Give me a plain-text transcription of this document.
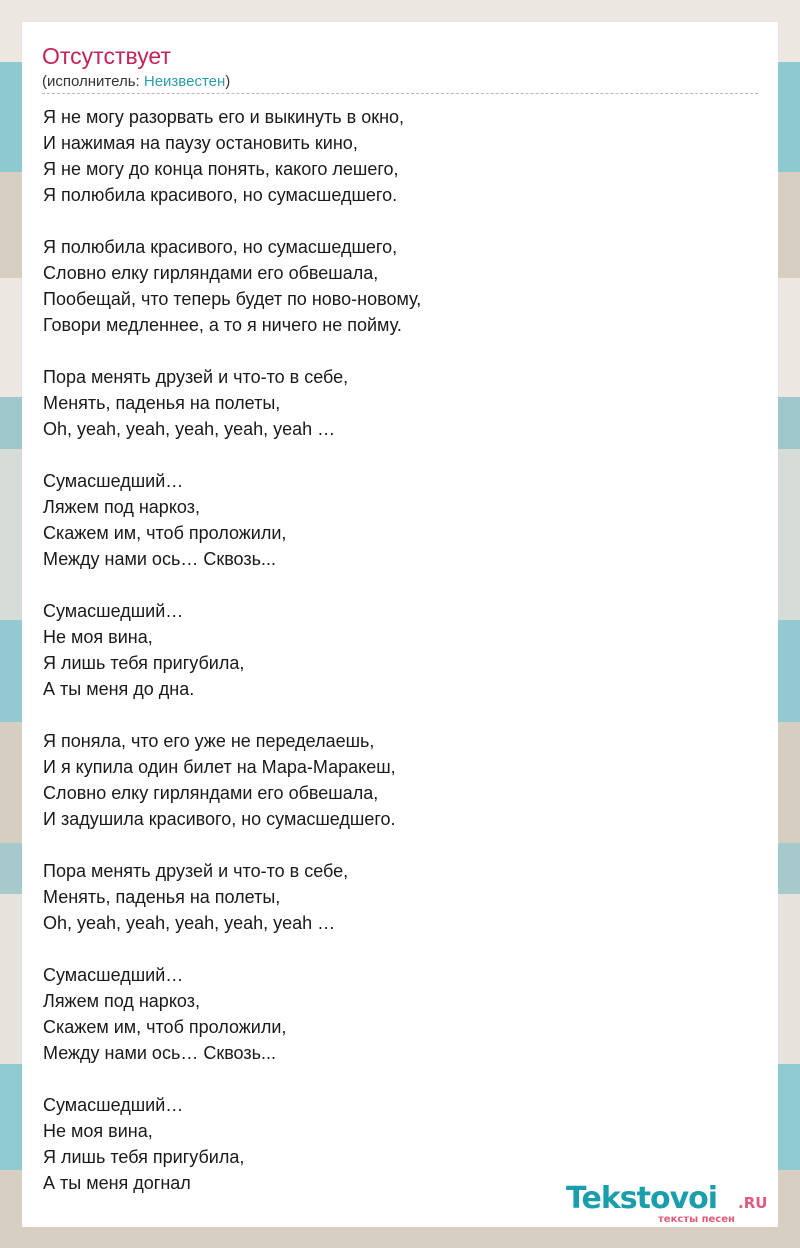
Отсутствует
(исполнитель: Неизвестен)
Я не могу разорвать его и выкинуть в окно,
И нажимая на паузу остановить кино,
Я не могу до конца понять, какого лешего,
Я полюбила красивого, но сумасшедшего.
Я полюбила красивого, но сумасшедшего,
Словно елку гирляндами его обвешала,
Пообещай, что теперь будет по ново-новому,
Говори медленнее, а то я ничего не пойму.
Пора менять друзей и что-то в себе,
Менять, паденья на полеты,
Oh, yeah, yeah, yeah, yeah, yeah …
Сумасшедший…
Ляжем под наркоз,
Скажем им, чтоб проложили,
Между нами ось… Сквозь...
Сумасшедший…
Не моя вина,
Я лишь тебя пригубила,
А ты меня до дна.
Я поняла, что его уже не переделаешь,
И я купила один билет на Мара-Маракеш,
Словно елку гирляндами его обвешала,
И задушила красивого, но сумасшедшего.
Пора менять друзей и что-то в себе,
Менять, паденья на полеты,
Oh, yeah, yeah, yeah, yeah, yeah …
Сумасшедший…
Ляжем под наркоз,
Скажем им, чтоб проложили,
Между нами ось… Сквозь...
Сумасшедший…
Не моя вина,
Я лишь тебя пригубила,
А ты меня догнал	Tekstovoi .RU
тексты песен
